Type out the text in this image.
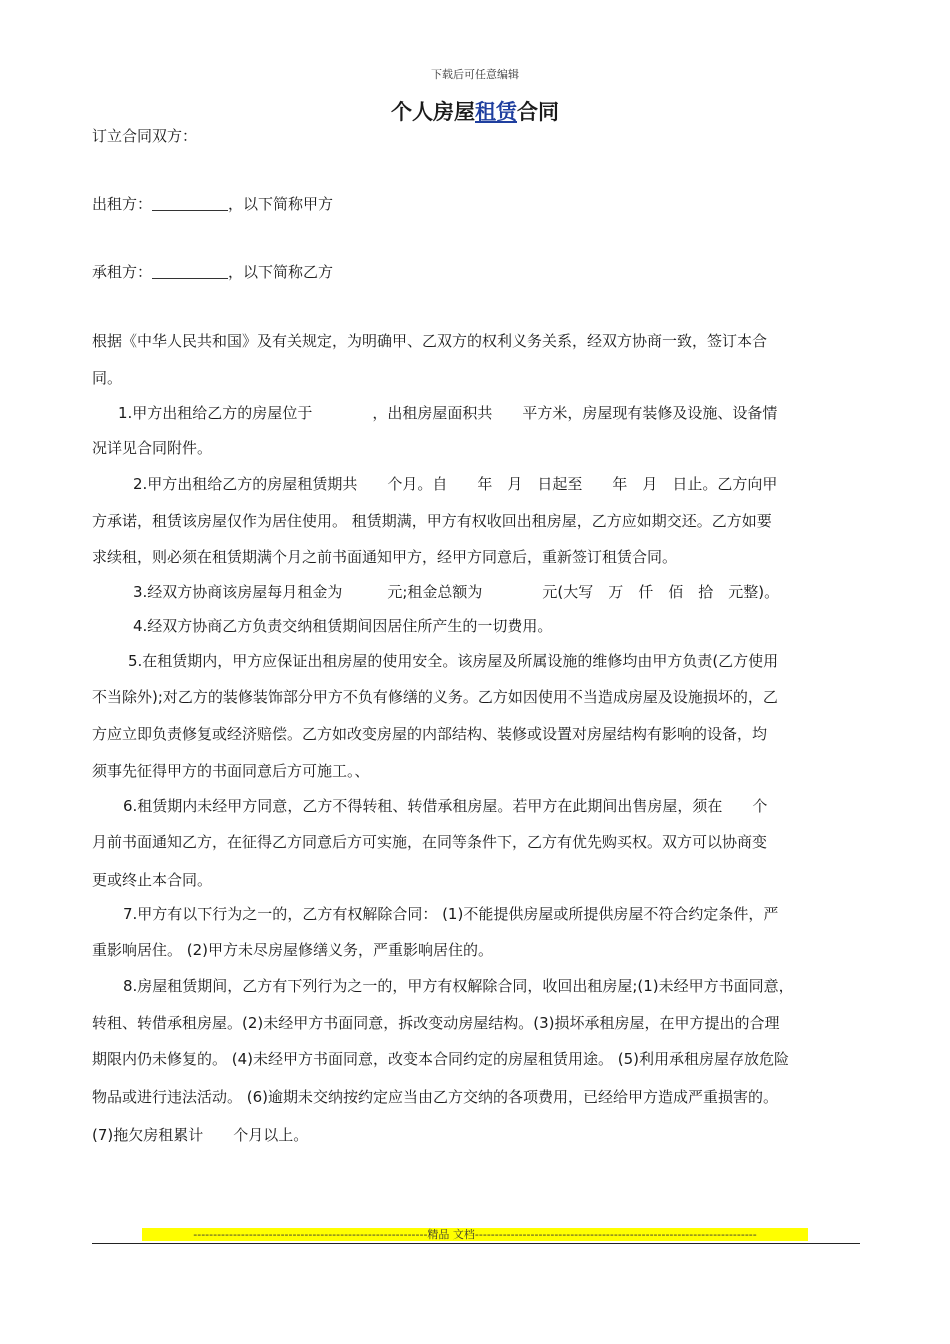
下载后可任意编辑
个人房屋租赁合同
订立合同双方：
出租方：	，以下简称甲方
承租方：	，以下简称乙方
根据《中华人民共和国》及有关规定，为明确甲、乙双方的权利义务关系，经双方协商一致，签订本合
同。
1.甲方出租给乙方的房屋位于　　　　，出租房屋面积共　　平方米，房屋现有装修及设施、设备情
况详见合同附件。
2.甲方出租给乙方的房屋租赁期共　　个月。自　　年　月　日起至　　年　月　日止。乙方向甲
方承诺，租赁该房屋仅作为居住使用。 租赁期满，甲方有权收回出租房屋，乙方应如期交还。乙方如要
求续租，则必须在租赁期满个月之前书面通知甲方，经甲方同意后，重新签订租赁合同。
3.经双方协商该房屋每月租金为　　　元;租金总额为　　　　元(大写　万　仟　佰　拾　元整)。
4.经双方协商乙方负责交纳租赁期间因居住所产生的一切费用。
5.在租赁期内，甲方应保证出租房屋的使用安全。该房屋及所属设施的维修均由甲方负责(乙方使用
不当除外);对乙方的装修装饰部分甲方不负有修缮的义务。乙方如因使用不当造成房屋及设施损坏的，乙
方应立即负责修复或经济赔偿。乙方如改变房屋的内部结构、装修或设置对房屋结构有影响的设备，均
须事先征得甲方的书面同意后方可施工。、
6.租赁期内未经甲方同意，乙方不得转租、转借承租房屋。若甲方在此期间出售房屋，须在　　个
月前书面通知乙方，在征得乙方同意后方可实施，在同等条件下，乙方有优先购买权。双方可以协商变
更或终止本合同。
7.甲方有以下行为之一的，乙方有权解除合同： (1)不能提供房屋或所提供房屋不符合约定条件，严
重影响居住。 (2)甲方未尽房屋修缮义务，严重影响居住的。
8.房屋租赁期间，乙方有下列行为之一的，甲方有权解除合同，收回出租房屋;(1)未经甲方书面同意，
转租、转借承租房屋。(2)未经甲方书面同意，拆改变动房屋结构。(3)损坏承租房屋，在甲方提出的合理
期限内仍未修复的。 (4)未经甲方书面同意，改变本合同约定的房屋租赁用途。 (5)利用承租房屋存放危险
物品或进行违法活动。 (6)逾期未交纳按约定应当由乙方交纳的各项费用，已经给甲方造成严重损害的。
(7)拖欠房租累计　　个月以上。
-----------------------------------------------------------精品 文档-----------------------------------------------------------------------
